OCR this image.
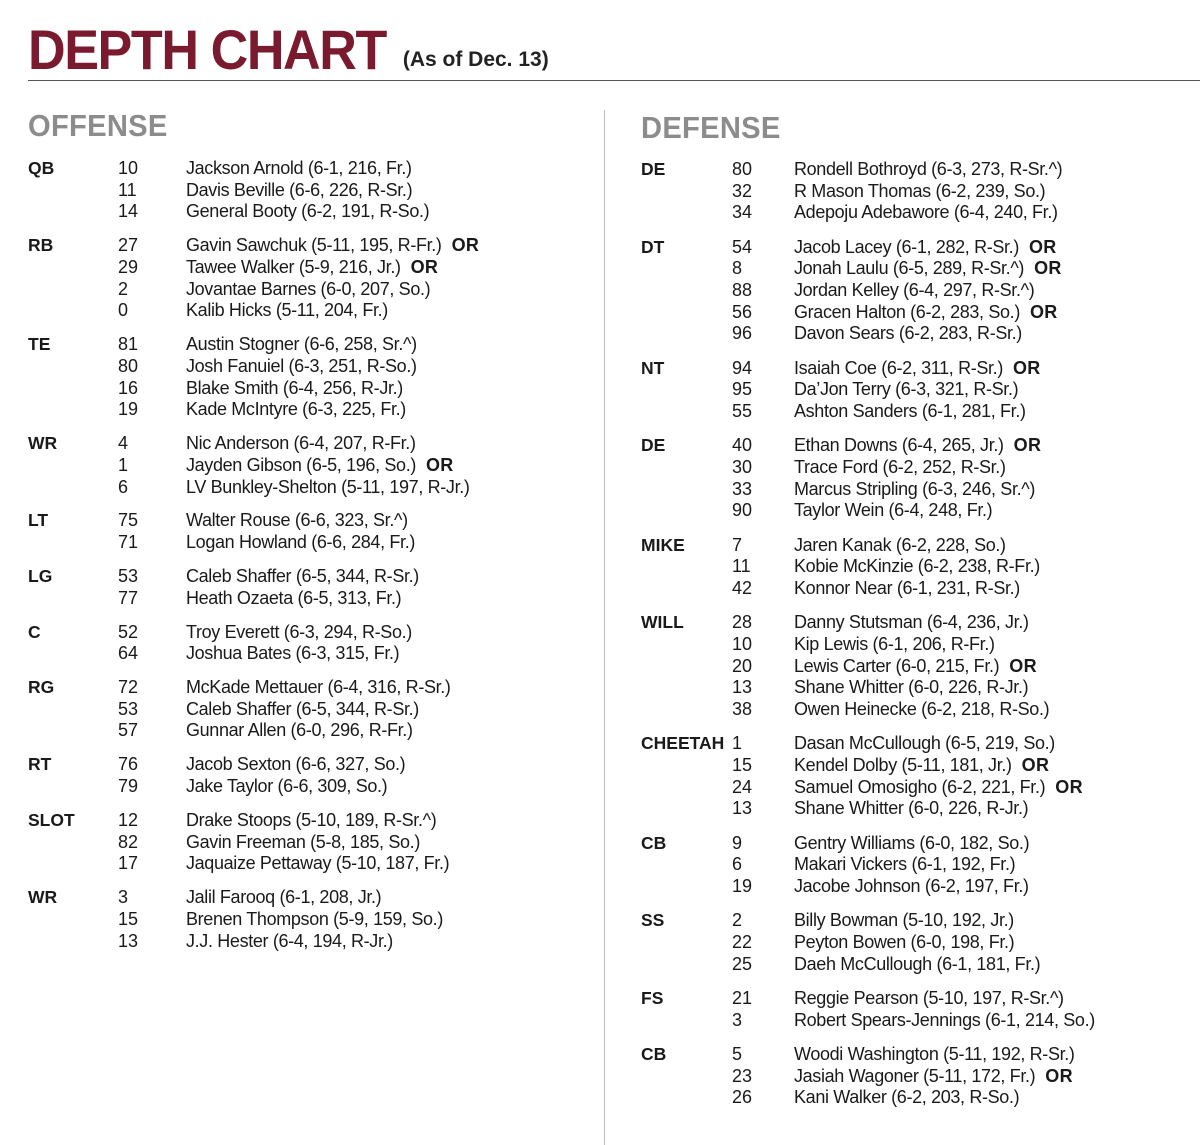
DEPTH CHART (As of Dec. 13)
OFFENSE
QB	10	Jackson Arnold (6-1, 216, Fr.)
11	Davis Beville (6-6, 226, R-Sr.)
14	General Booty (6-2, 191, R-So.)
RB	27	Gavin Sawchuk (5-11, 195, R-Fr.) OR
29	Tawee Walker (5-9, 216, Jr.) OR
2	Jovantae Barnes (6-0, 207, So.)
0	Kalib Hicks (5-11, 204, Fr.)
TE	81	Austin Stogner (6-6, 258, Sr.^)
80	Josh Fanuiel (6-3, 251, R-So.)
16	Blake Smith (6-4, 256, R-Jr.)
19	Kade McIntyre (6-3, 225, Fr.)
WR	4	Nic Anderson (6-4, 207, R-Fr.)
1	Jayden Gibson (6-5, 196, So.) OR
6	LV Bunkley-Shelton (5-11, 197, R-Jr.)
LT	75	Walter Rouse (6-6, 323, Sr.^)
71	Logan Howland (6-6, 284, Fr.)
LG	53	Caleb Shaffer (6-5, 344, R-Sr.)
77	Heath Ozaeta (6-5, 313, Fr.)
C	52	Troy Everett (6-3, 294, R-So.)
64	Joshua Bates (6-3, 315, Fr.)
RG	72	McKade Mettauer (6-4, 316, R-Sr.)
53	Caleb Shaffer (6-5, 344, R-Sr.)
57	Gunnar Allen (6-0, 296, R-Fr.)
RT	76	Jacob Sexton (6-6, 327, So.)
79	Jake Taylor (6-6, 309, So.)
SLOT	12	Drake Stoops (5-10, 189, R-Sr.^)
82	Gavin Freeman (5-8, 185, So.)
17	Jaquaize Pettaway (5-10, 187, Fr.)
WR	3	Jalil Farooq (6-1, 208, Jr.)
15	Brenen Thompson (5-9, 159, So.)
13	J.J. Hester (6-4, 194, R-Jr.)
DEFENSE
DE	80	Rondell Bothroyd (6-3, 273, R-Sr.^)
32	R Mason Thomas (6-2, 239, So.)
34	Adepoju Adebawore (6-4, 240, Fr.)
DT	54	Jacob Lacey (6-1, 282, R-Sr.) OR
8	Jonah Laulu (6-5, 289, R-Sr.^) OR
88	Jordan Kelley (6-4, 297, R-Sr.^)
56	Gracen Halton (6-2, 283, So.) OR
96	Davon Sears (6-2, 283, R-Sr.)
NT	94	Isaiah Coe (6-2, 311, R-Sr.) OR
95	Da’Jon Terry (6-3, 321, R-Sr.)
55	Ashton Sanders (6-1, 281, Fr.)
DE	40	Ethan Downs (6-4, 265, Jr.) OR
30	Trace Ford (6-2, 252, R-Sr.)
33	Marcus Stripling (6-3, 246, Sr.^)
90	Taylor Wein (6-4, 248, Fr.)
MIKE	7	Jaren Kanak (6-2, 228, So.)
11	Kobie McKinzie (6-2, 238, R-Fr.)
42	Konnor Near (6-1, 231, R-Sr.)
WILL	28	Danny Stutsman (6-4, 236, Jr.)
10	Kip Lewis (6-1, 206, R-Fr.)
20	Lewis Carter (6-0, 215, Fr.) OR
13	Shane Whitter (6-0, 226, R-Jr.)
38	Owen Heinecke (6-2, 218, R-So.)
CHEETAH 1	Dasan McCullough (6-5, 219, So.)
15	Kendel Dolby (5-11, 181, Jr.) OR
24	Samuel Omosigho (6-2, 221, Fr.) OR
13	Shane Whitter (6-0, 226, R-Jr.)
CB	9	Gentry Williams (6-0, 182, So.)
6	Makari Vickers (6-1, 192, Fr.)
19	Jacobe Johnson (6-2, 197, Fr.)
SS	2	Billy Bowman (5-10, 192, Jr.)
22	Peyton Bowen (6-0, 198, Fr.)
25	Daeh McCullough (6-1, 181, Fr.)
FS	21	Reggie Pearson (5-10, 197, R-Sr.^)
3	Robert Spears-Jennings (6-1, 214, So.)
CB	5	Woodi Washington (5-11, 192, R-Sr.)
23	Jasiah Wagoner (5-11, 172, Fr.) OR
26	Kani Walker (6-2, 203, R-So.)
